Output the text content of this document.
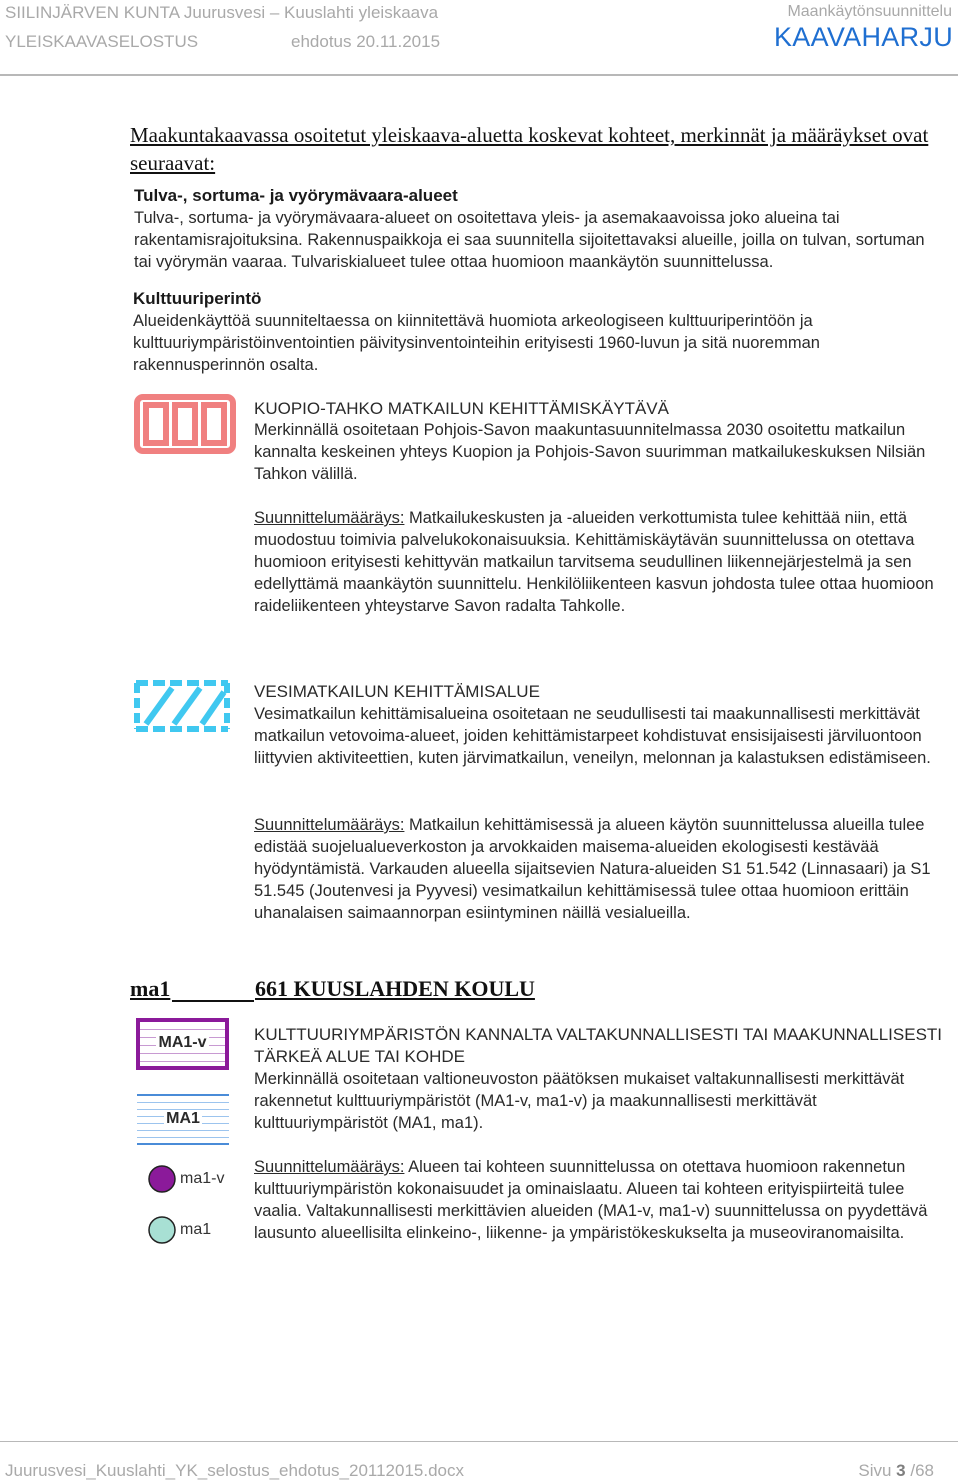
SIILINJÄRVEN KUNTA Juurusvesi – Kuuslahti yleiskaava
YLEISKAAVASELOSTUS	ehdotus 20.11.2015
Maankäytönsuunnittelu
KAAVAHARJU
Maakuntakaavassa osoitetut yleiskaava-aluetta koskevat kohteet, merkinnät ja määräykset ovat seuraavat:
Tulva-, sortuma- ja vyörymävaara-alueet
Tulva-, sortuma- ja vyörymävaara-alueet on osoitettava yleis- ja asemakaavoissa joko alueina tai rakentamisrajoituksina. Rakennuspaikkoja ei saa suunnitella sijoitettavaksi alueille, joilla on tulvan, sortuman tai vyörymän vaaraa. Tulvariskialueet tulee ottaa huomioon maankäytön suunnittelussa.
Kulttuuriperintö
Alueidenkäyttöä suunniteltaessa on kiinnitettävä huomiota arkeologiseen kulttuuriperintöön ja kulttuuriympäristöinventointien päivitysinventointeihin erityisesti 1960-luvun ja sitä nuoremman rakennusperinnön osalta.
KUOPIO-TAHKO MATKAILUN KEHITTÄMISKÄYTÄVÄ
Merkinnällä osoitetaan Pohjois-Savon maakuntasuunnitelmassa 2030 osoitettu matkailun kannalta keskeinen yhteys Kuopion ja Pohjois-Savon suurimman matkailukeskuksen Nilsiän Tahkon välillä.
Suunnittelumääräys: Matkailukeskusten ja -alueiden verkottumista tulee kehittää niin, että muodostuu toimivia palvelukokonaisuuksia. Kehittämiskäytävän suunnittelussa on otettava huomioon erityisesti kehittyvän matkailun tarvitsema seudullinen liikennejärjestelmä ja sen edellyttämä maankäytön suunnittelu. Henkilöliikenteen kasvun johdosta tulee ottaa huomioon raideliikenteen yhteystarve Savon radalta Tahkolle.
VESIMATKAILUN KEHITTÄMISALUE
Vesimatkailun kehittämisalueina osoitetaan ne seudullisesti tai maakunnallisesti merkittävät matkailun vetovoima-alueet, joiden kehittämistarpeet kohdistuvat ensisijaisesti järviluontoon liittyvien aktiviteettien, kuten järvimatkailun, veneilyn, melonnan ja kalastuksen edistämiseen.
Suunnittelumääräys: Matkailun kehittämisessä ja alueen käytön suunnittelussa alueilla tulee edistää suojelualueverkoston ja arvokkaiden maisema-alueiden ekologisesti kestävää hyödyntämistä. Varkauden alueella sijaitsevien Natura-alueiden S1 51.542 (Linnasaari) ja S1 51.545 (Joutenvesi ja Pyyvesi) vesimatkailun kehittämisessä tulee ottaa huomioon erittäin uhanalaisen saimaannorpan esiintyminen näillä vesialueilla.
ma1	661 KUUSLAHDEN KOULU
MA1-v
MA1
ma1-v
ma1
KULTTUURIYMPÄRISTÖN KANNALTA VALTAKUNNALLISESTI TAI MAAKUNNALLISESTI
TÄRKEÄ ALUE TAI KOHDE
Merkinnällä osoitetaan valtioneuvoston päätöksen mukaiset valtakunnallisesti merkittävät rakennetut kulttuuriympäristöt (MA1-v, ma1-v) ja maakunnallisesti merkittävät kulttuuriympäristöt (MA1, ma1).
Suunnittelumääräys: Alueen tai kohteen suunnittelussa on otettava huomioon rakennetun kulttuuriympäristön kokonaisuudet ja ominaislaatu. Alueen tai kohteen erityispiirteitä tulee vaalia. Valtakunnallisesti merkittävien alueiden (MA1-v, ma1-v) suunnittelussa on pyydettävä lausunto alueellisilta elinkeino-, liikenne- ja ympäristökeskukselta ja museoviranomaisilta.
Juurusvesi_Kuuslahti_YK_selostus_ehdotus_20112015.docx	Sivu 3 /68
